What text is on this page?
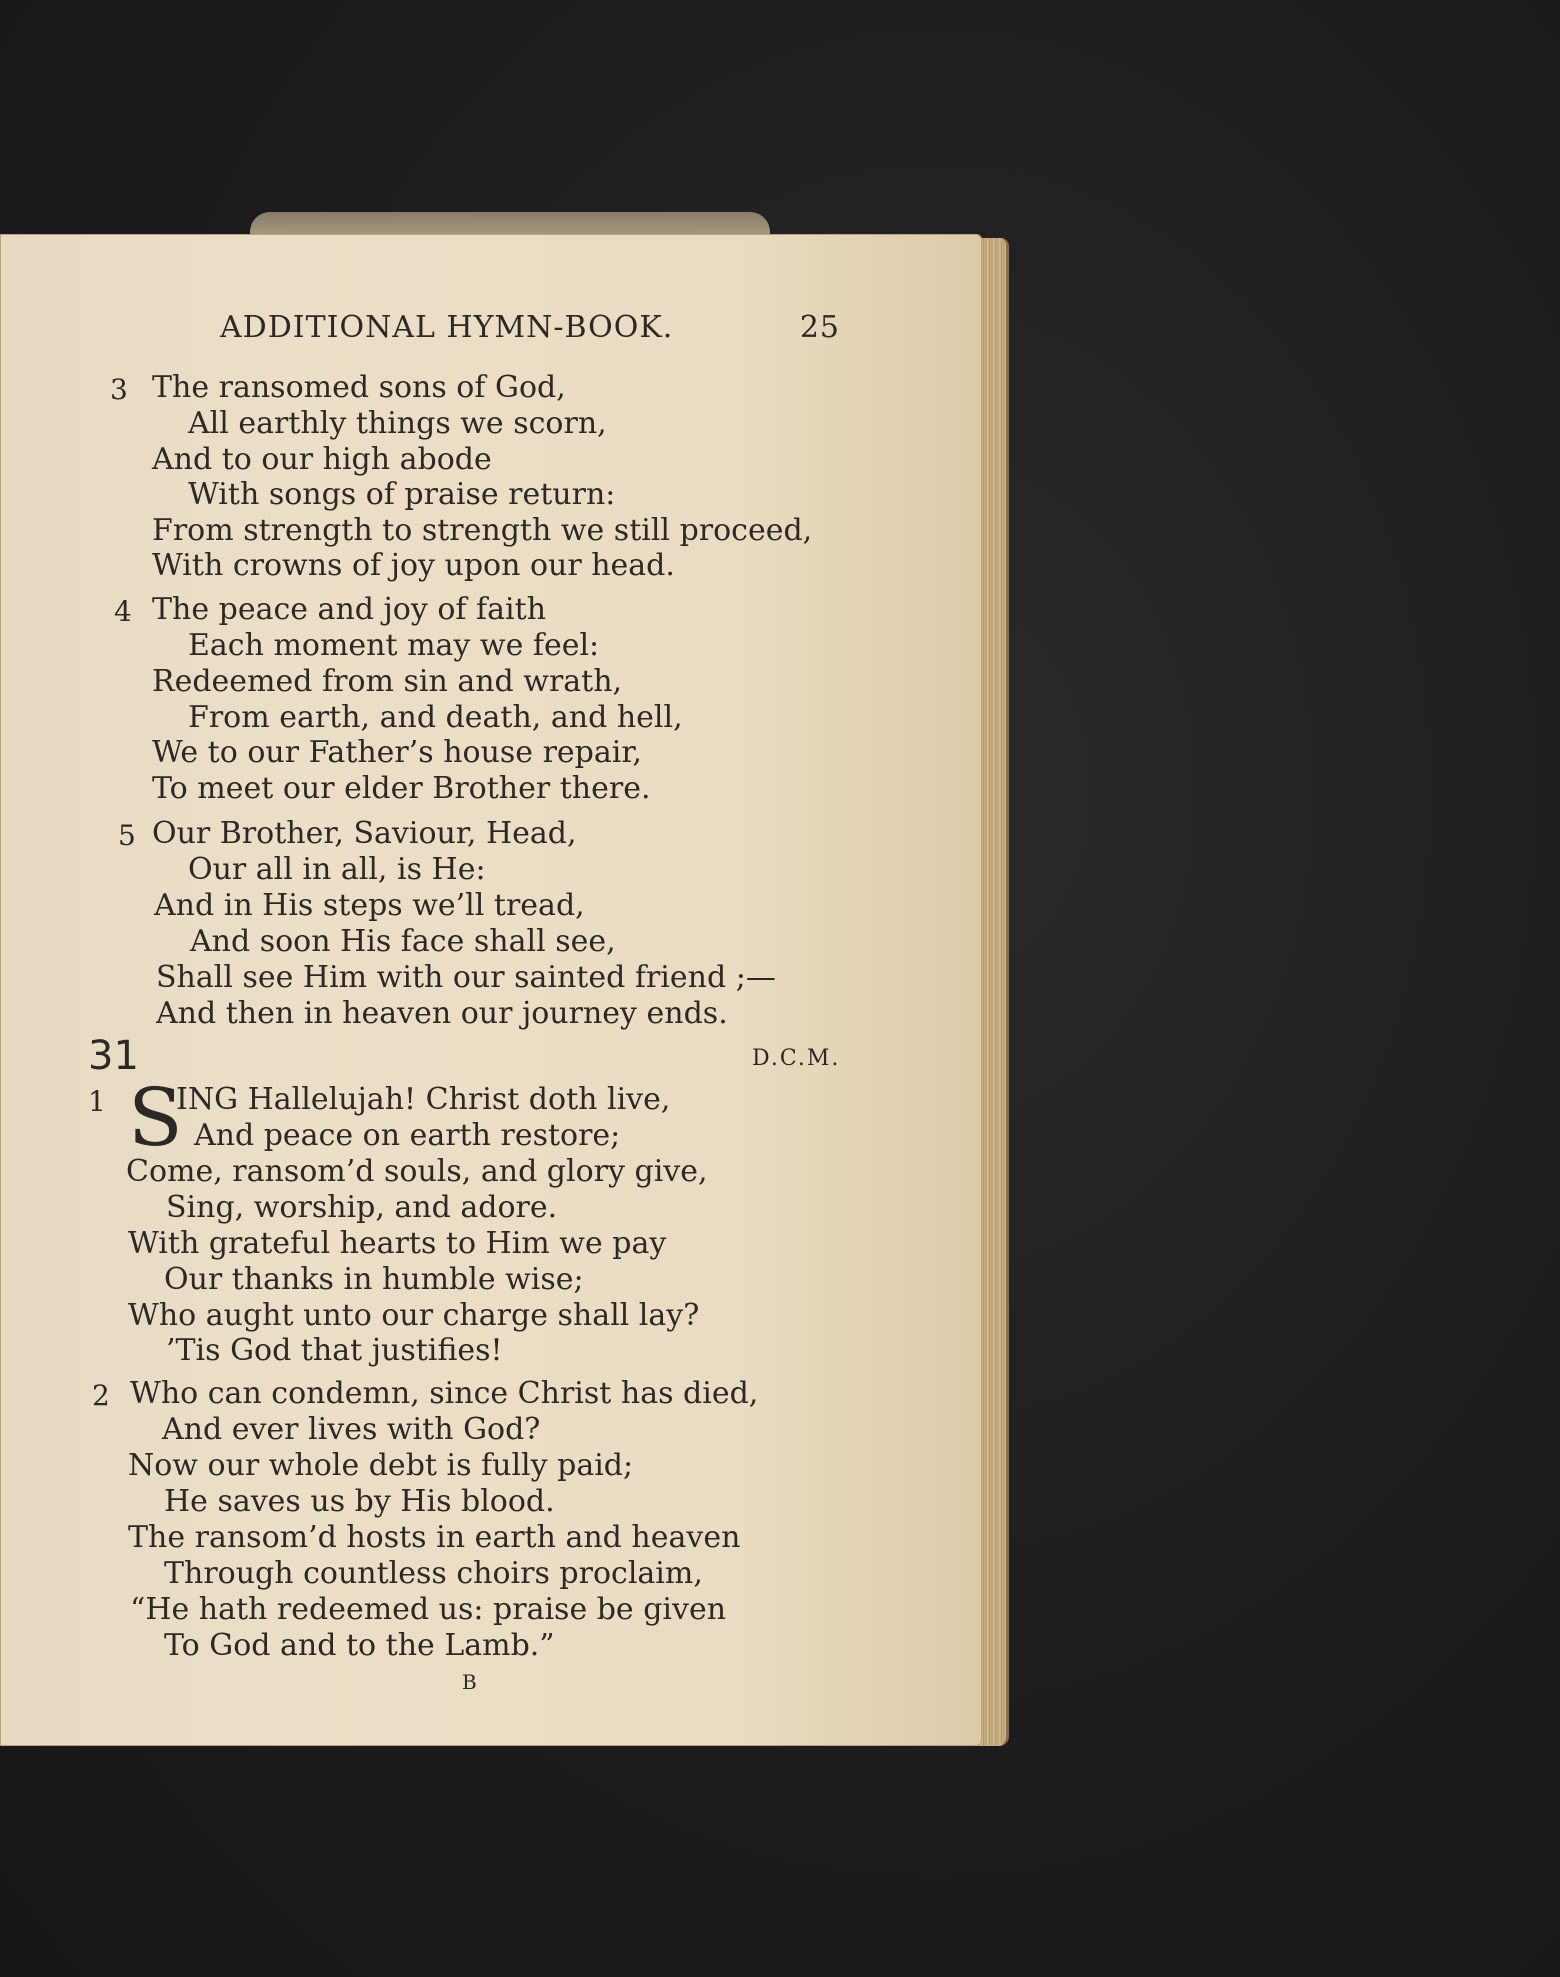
ADDITIONAL HYMN-BOOK.	25
3 The ransomed sons of God,
All earthly things we scorn,
And to our high abode
With songs of praise return:
From strength to strength we still proceed,
With crowns of joy upon our head.
4 The peace and joy of faith
Each moment may we feel:
Redeemed from sin and wrath,
From earth, and death, and hell,
We to our Father’s house repair,
To meet our elder Brother there.
5 Our Brother, Saviour, Head,
Our all in all, is He:
And in His steps we’ll tread,
And soon His face shall see,
Shall see Him with our sainted friend ;—
And then in heaven our journey ends.
31	D.C.M.
1 S
ING Hallelujah! Christ doth live,
And peace on earth restore;
Come, ransom’d souls, and glory give,
Sing, worship, and adore.
With grateful hearts to Him we pay
Our thanks in humble wise;
Who aught unto our charge shall lay?
’Tis God that justifies!
2 Who can condemn, since Christ has died,
And ever lives with God?
Now our whole debt is fully paid;
He saves us by His blood.
The ransom’d hosts in earth and heaven
Through countless choirs proclaim,
“He hath redeemed us: praise be given
To God and to the Lamb.”
B
